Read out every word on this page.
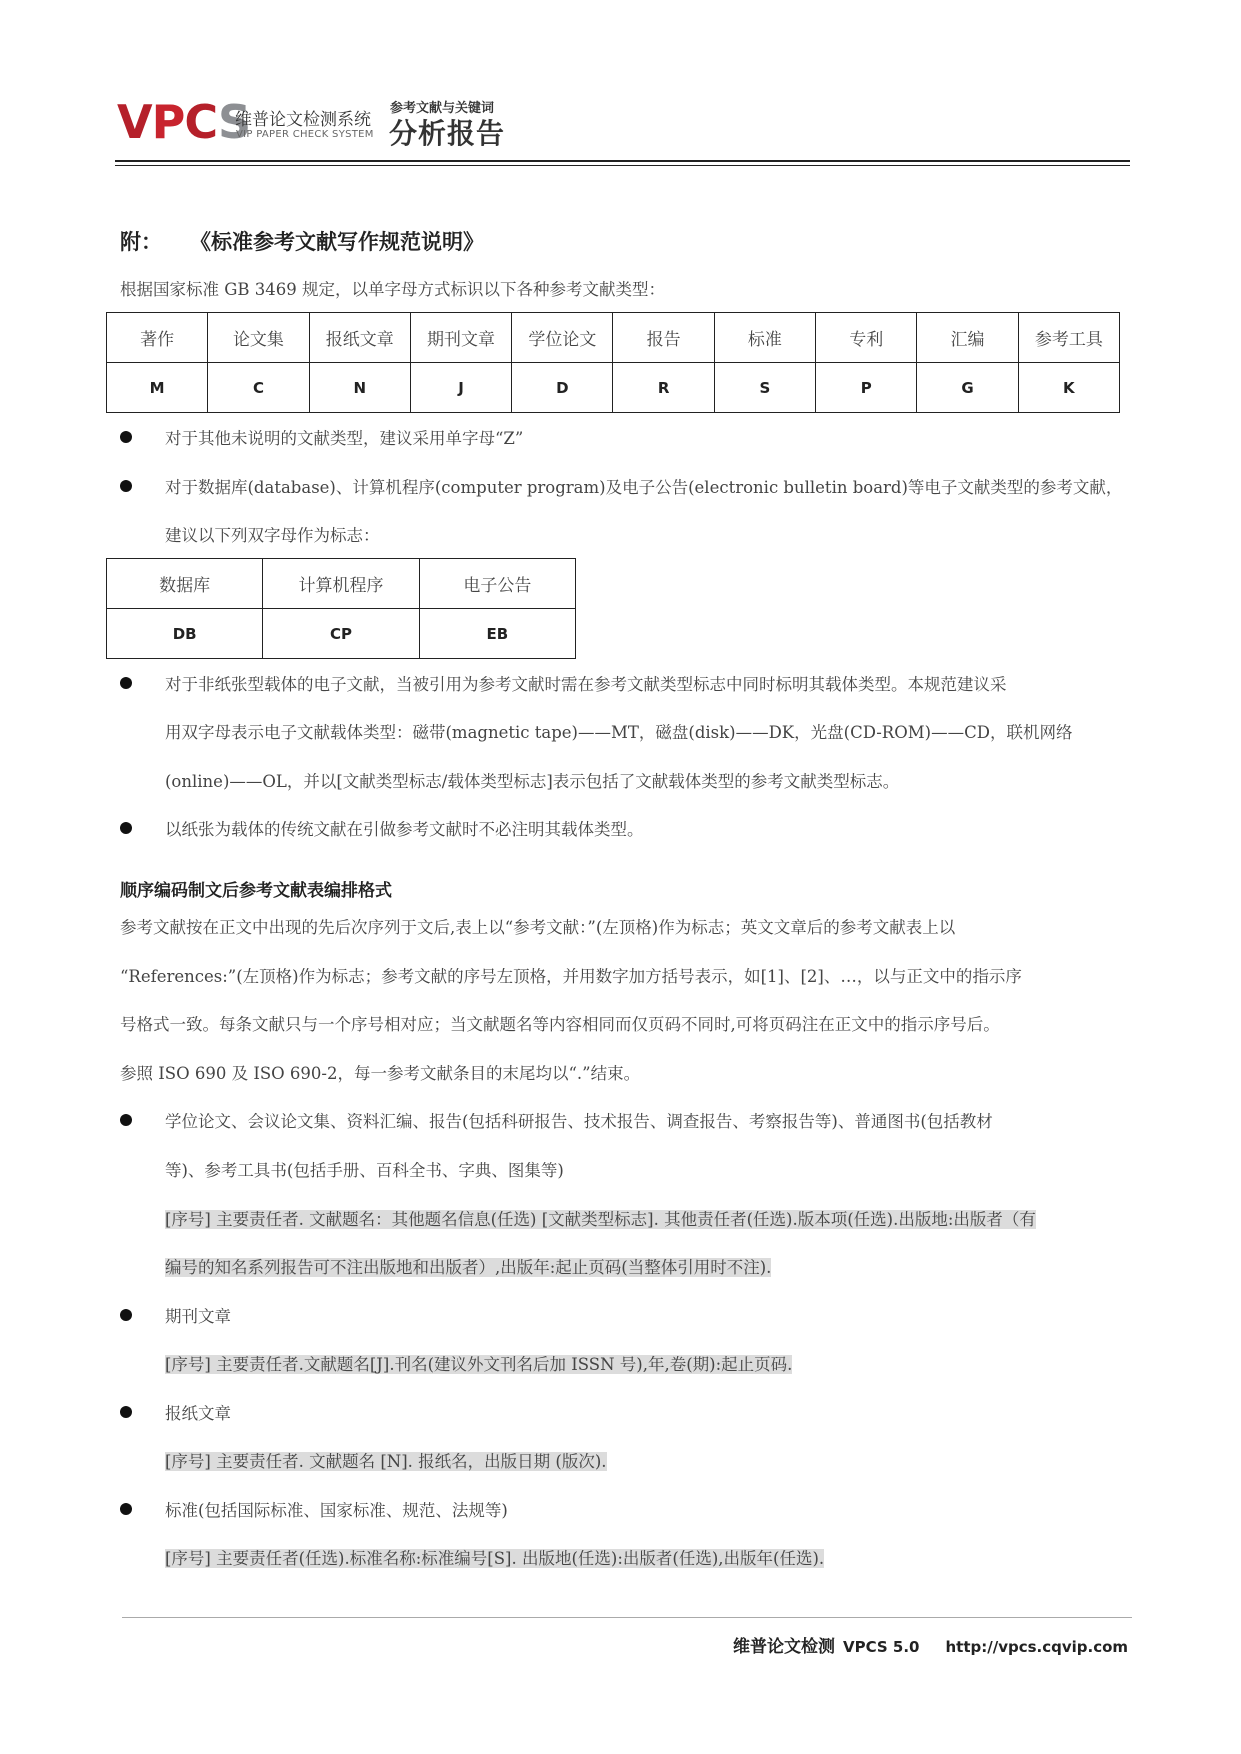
VPCS
维普论文检测系统
VIP PAPER CHECK SYSTEM
参考文献与关键词
分析报告
附： 《标准参考文献写作规范说明》
根据国家标准 GB 3469 规定，以单字母方式标识以下各种参考文献类型：
著作	论文集	报纸文章	期刊文章	学位论文	报告	标准	专利	汇编	参考工具
M	C	N	J	D	R	S	P	G	K
对于其他未说明的文献类型，建议采用单字母“Z”
对于数据库(database)、计算机程序(computer program)及电子公告(electronic bulletin board)等电子文献类型的参考文献，
建议以下列双字母作为标志：
数据库	计算机程序	电子公告
DB	CP	EB
对于非纸张型载体的电子文献，当被引用为参考文献时需在参考文献类型标志中同时标明其载体类型。本规范建议采
用双字母表示电子文献载体类型：磁带(magnetic tape)——MT，磁盘(disk)——DK，光盘(CD-ROM)——CD，联机网络
(online)——OL，并以[文献类型标志/载体类型标志]表示包括了文献载体类型的参考文献类型标志。
以纸张为载体的传统文献在引做参考文献时不必注明其载体类型。
顺序编码制文后参考文献表编排格式
参考文献按在正文中出现的先后次序列于文后,表上以“参考文献：”(左顶格)作为标志；英文文章后的参考文献表上以
“References:”(左顶格)作为标志；参考文献的序号左顶格，并用数字加方括号表示，如[1]、[2]、…，以与正文中的指示序
号格式一致。每条文献只与一个序号相对应；当文献题名等内容相同而仅页码不同时,可将页码注在正文中的指示序号后。
参照 ISO 690 及 ISO 690-2，每一参考文献条目的末尾均以“.”结束。
学位论文、会议论文集、资料汇编、报告(包括科研报告、技术报告、调查报告、考察报告等)、普通图书(包括教材
等)、参考工具书(包括手册、百科全书、字典、图集等)
[序号] 主要责任者. 文献题名：其他题名信息(任选) [文献类型标志]. 其他责任者(任选).版本项(任选).出版地:出版者（有
编号的知名系列报告可不注出版地和出版者）,出版年:起止页码(当整体引用时不注).
期刊文章
[序号] 主要责任者.文献题名[J].刊名(建议外文刊名后加 ISSN 号),年,卷(期):起止页码.
报纸文章
[序号] 主要责任者. 文献题名 [N]. 报纸名，出版日期 (版次).
标准(包括国际标准、国家标准、规范、法规等)
[序号] 主要责任者(任选).标准名称:标准编号[S]. 出版地(任选):出版者(任选),出版年(任选).
维普论文检测 VPCS 5.0 http://vpcs.cqvip.com
